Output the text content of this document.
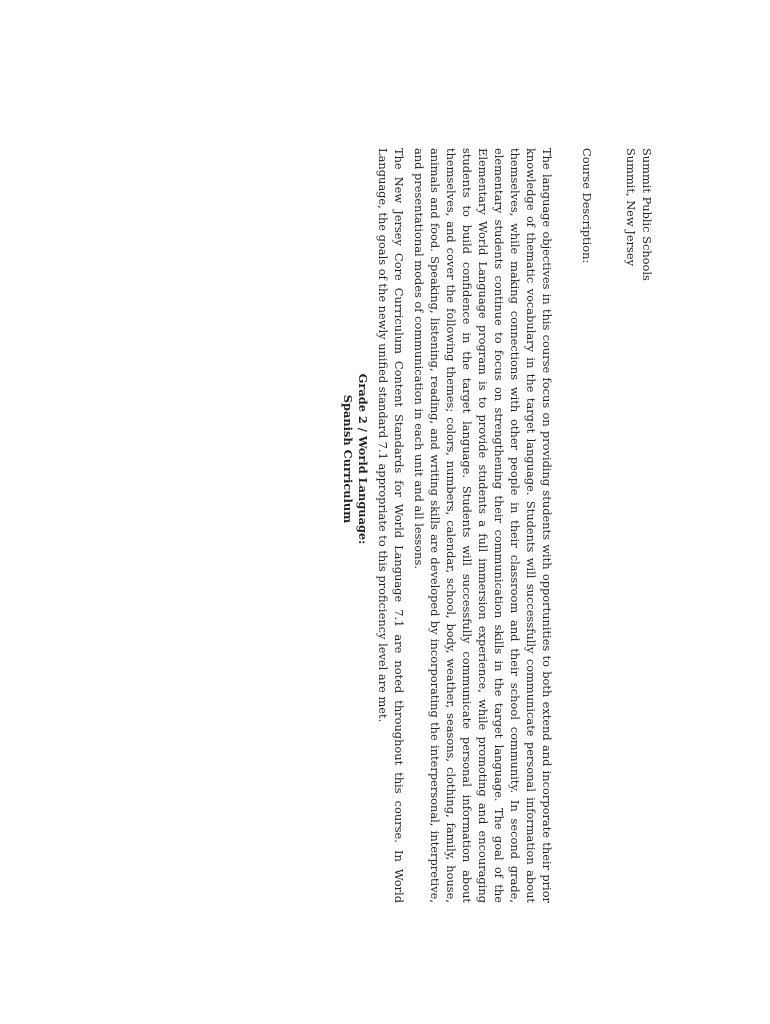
Summit Public Schools
Summit, New Jersey
Course Description:
Grade 2 / World Language:
Spanish Curriculum	The language objectives in this course focus on providing students with opportunities to both extend and incorporate their prior knowledge of thematic vocabulary in the target language. Students will successfully communicate personal information about themselves, while making connections with other people in their classroom and their school community. In second grade, elementary students continue to focus on strengthening their communication skills in the target language. The goal of the Elementary World Language program is to provide students a full immersion experience, while promoting and encouraging students to build confidence in the target language. Students will successfully communicate personal information about themselves, and cover the following themes; colors, numbers, calendar, school, body, weather, seasons, clothing, family, house, animals and food. Speaking, listening, reading, and writing skills are developed by incorporating the interpersonal, interpretive, and presentational modes of communication in each unit and all lessons.

The New Jersey Core Curriculum Content Standards for World Language 7.1 are noted throughout this course. In World Language, the goals of the newly unified standard 7.1 appropriate to this proficiency level are met.
